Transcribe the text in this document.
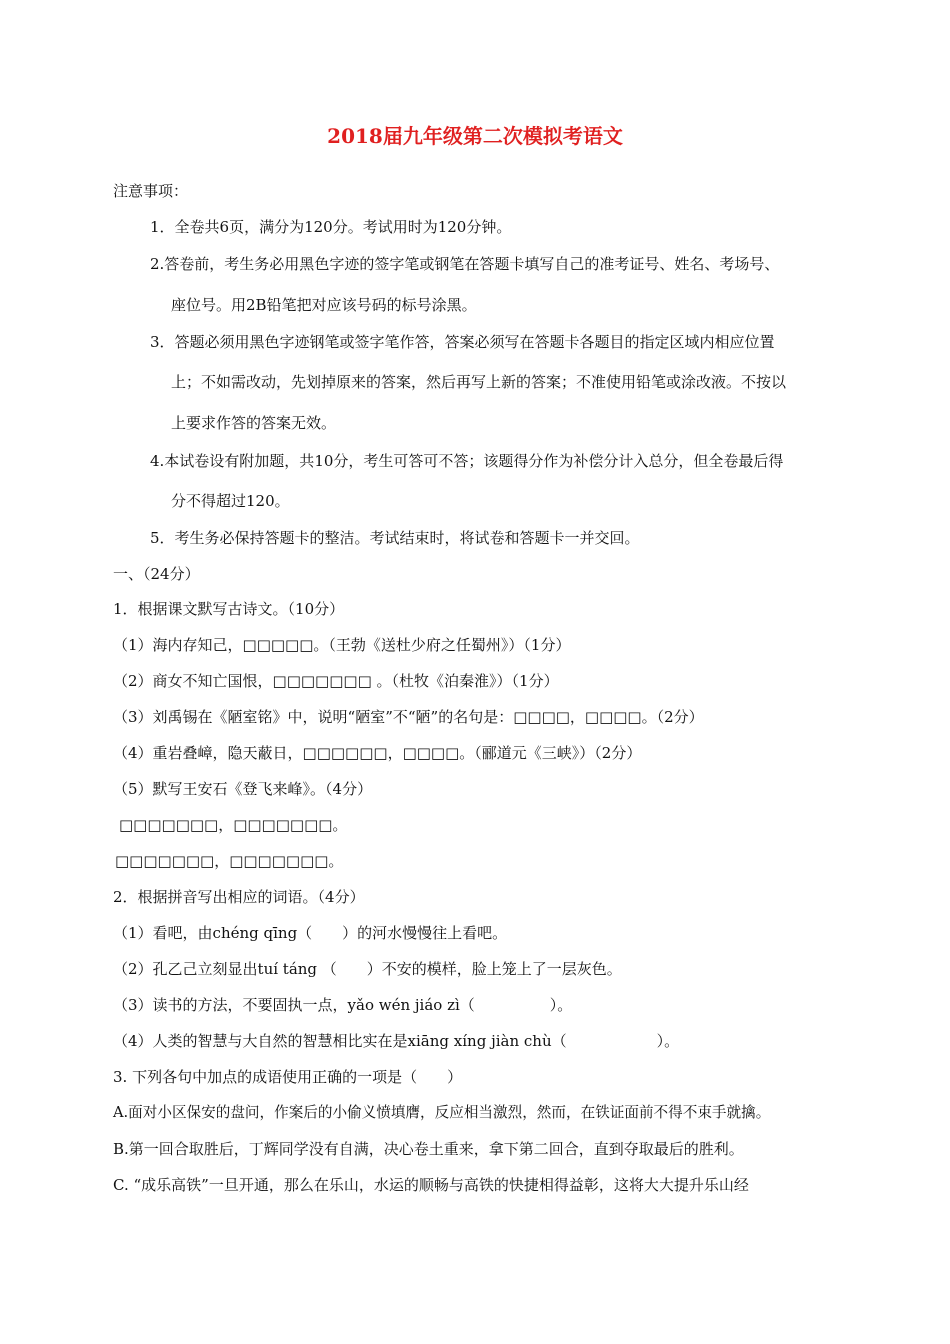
2018届九年级第二次模拟考语文
注意事项：
1．全卷共6页，满分为120分。考试用时为120分钟。
2.答卷前，考生务必用黑色字迹的签字笔或钢笔在答题卡填写自己的准考证号、姓名、考场号、
座位号。用2B铅笔把对应该号码的标号涂黑。
3．答题必须用黑色字迹钢笔或签字笔作答，答案必须写在答题卡各题目的指定区域内相应位置
上；不如需改动，先划掉原来的答案，然后再写上新的答案；不准使用铅笔或涂改液。不按以
上要求作答的答案无效。
4.本试卷设有附加题，共10分，考生可答可不答；该题得分作为补偿分计入总分，但全卷最后得
分不得超过120。
5．考生务必保持答题卡的整洁。考试结束时，将试卷和答题卡一并交回。
一、（24分）
1．根据课文默写古诗文。（10分）
（1）海内存知己，□□□□□。（王勃《送杜少府之任蜀州》）（1分）
（2）商女不知亡国恨，□□□□□□□ 。（杜牧《泊秦淮》）（1分）
（3）刘禹锡在《陋室铭》中，说明“陋室”不“陋”的名句是：□□□□，□□□□。（2分）
（4）重岩叠嶂，隐天蔽日，□□□□□□，□□□□。（郦道元《三峡》）（2分）
（5）默写王安石《登飞来峰》。（4分）
□□□□□□□，□□□□□□□。
□□□□□□□，□□□□□□□。
2．根据拼音写出相应的词语。（4分）
（1）看吧，由chéng qīng（　　）的河水慢慢往上看吧。
（2）孔乙己立刻显出tuí táng （　　）不安的模样，脸上笼上了一层灰色。
（3）读书的方法，不要固执一点，yǎo wén jiáo zì（　　　　　）。
（4）人类的智慧与大自然的智慧相比实在是xiāng xíng jiàn chù（　　　　　　）。
3. 下列各句中加点的成语使用正确的一项是（　　）
A.面对小区保安的盘问，作案后的小偷义愤填膺，反应相当激烈，然而，在铁证面前不得不束手就擒。
B.第一回合取胜后，丁辉同学没有自满，决心卷土重来，拿下第二回合，直到夺取最后的胜利。
C. “成乐高铁”一旦开通，那么在乐山，水运的顺畅与高铁的快捷相得益彰，这将大大提升乐山经
